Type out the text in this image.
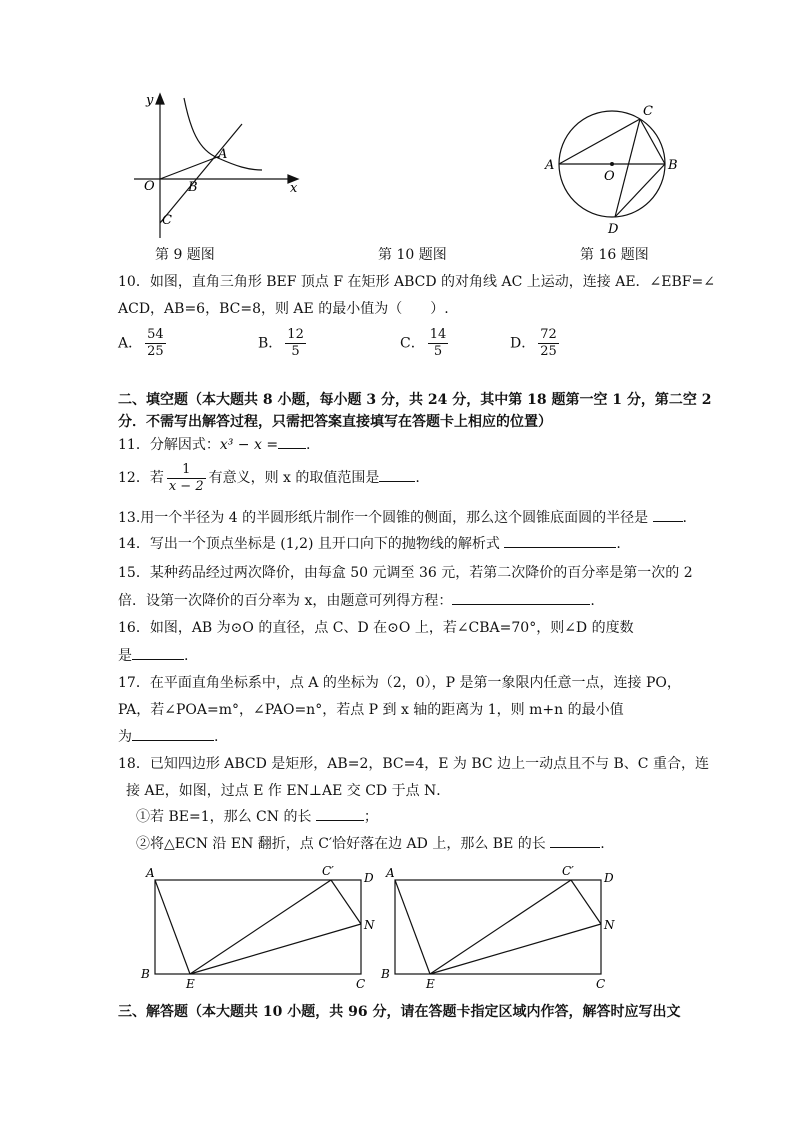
y
x
O
A
B
C
A	B
C
D
O
第 9 题图	第 10 题图	第 16 题图
10．如图，直角三角形 BEF 顶点 F 在矩形 ABCD 的对角线 AC 上运动，连接 AE．∠EBF=∠
ACD，AB=6，BC=8，则 AE 的最小值为（　　）.
A． $\frac{54}{25}$	B． $\frac{12}{5}$	C． $\frac{14}{5}$	D． $\frac{72}{25}$
二、填空题（本大题共 8 小题，每小题 3 分，共 24 分，其中第 18 题第一空 1 分，第二空 2
分．不需写出解答过程，只需把答案直接填写在答题卡上相应的位置）
11．分解因式：x³ − x = .
12．若 $\frac{1}{x - 2}$ 有意义，则 x 的取值范围是	.
13.用一个半径为 4 的半圆形纸片制作一个圆锥的侧面，那么这个圆锥底面圆的半径是 .
14．写出一个顶点坐标是 (1,2) 且开口向下的抛物线的解析式	.
15．某种药品经过两次降价，由每盒 50 元调至 36 元，若第二次降价的百分率是第一次的 2
倍．设第一次降价的百分率为 x，由题意可列得方程：	.
16．如图，AB 为⊙O 的直径，点 C、D 在⊙O 上，若∠CBA=70°，则∠D 的度数
是	.
17．在平面直角坐标系中，点 A 的坐标为（2，0），P 是第一象限内任意一点，连接 PO，
PA，若∠POA=m°，∠PAO=n°，若点 P 到 x 轴的距离为 1，则 m+n 的最小值
为	.
18．已知四边形 ABCD 是矩形，AB=2，BC=4，E 为 BC 边上一动点且不与 B、C 重合，连
接 AE，如图，过点 E 作 EN⊥AE 交 CD 于点 N．
①若 BE=1，那么 CN 的长	；
②将△ECN 沿 EN 翻折，点 C′恰好落在边 AD 上，那么 BE 的长	.
A
B
C
D
E
N
C′	A
B
C
D
E
N
C′
三、解答题（本大题共 10 小题，共 96 分，请在答题卡指定区域内作答，解答时应写出文
